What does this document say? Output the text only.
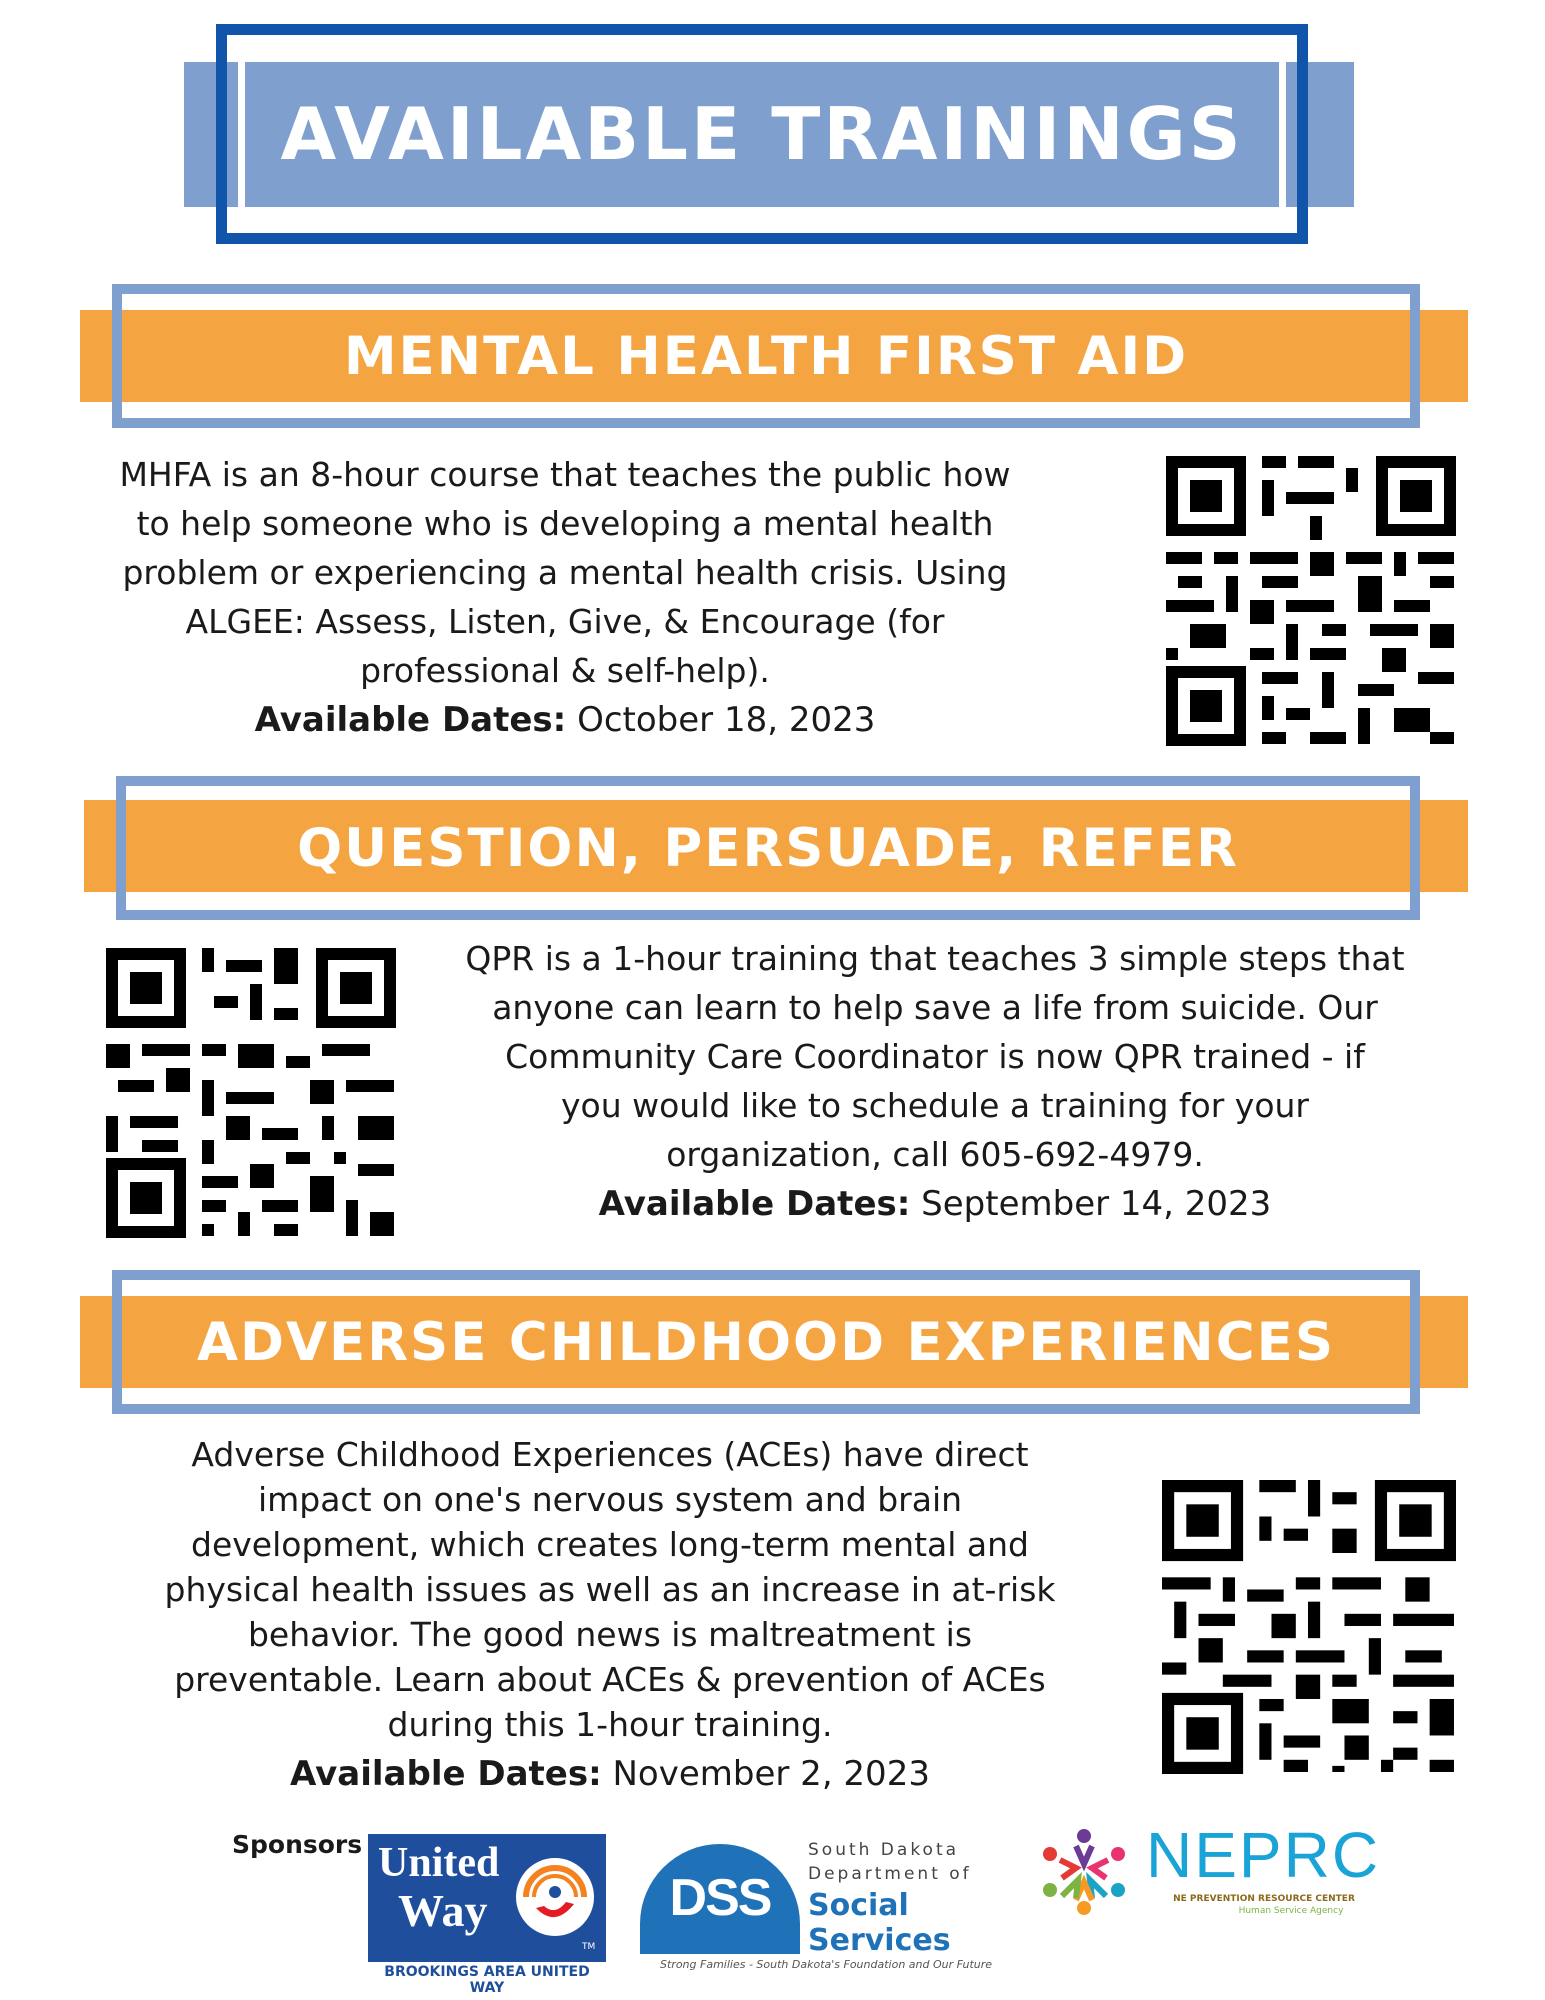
AVAILABLE TRAININGS
MENTAL HEALTH FIRST AID
MHFA is an 8-hour course that teaches the public how
to help someone who is developing a mental health
problem or experiencing a mental health crisis. Using
ALGEE: Assess, Listen, Give, & Encourage (for
professional & self-help).
Available Dates: October 18, 2023
QUESTION, PERSUADE, REFER
QPR is a 1-hour training that teaches 3 simple steps that
anyone can learn to help save a life from suicide. Our
Community Care Coordinator is now QPR trained - if
you would like to schedule a training for your
organization, call 605-692-4979.
Available Dates: September 14, 2023
ADVERSE CHILDHOOD EXPERIENCES
Adverse Childhood Experiences (ACEs) have direct
impact on one's nervous system and brain
development, which creates long-term mental and
physical health issues as well as an increase in at-risk
behavior. The good news is maltreatment is
preventable. Learn about ACEs & prevention of ACEs
during this 1-hour training.
Available Dates: November 2, 2023
Sponsors United
Way
TM
BROOKINGS AREA UNITED WAY
DSS
South Dakota
Department of
Social Services
Strong Families - South Dakota's Foundation and Our Future
NEPRC
NE PREVENTION RESOURCE CENTER
Human Service Agency
